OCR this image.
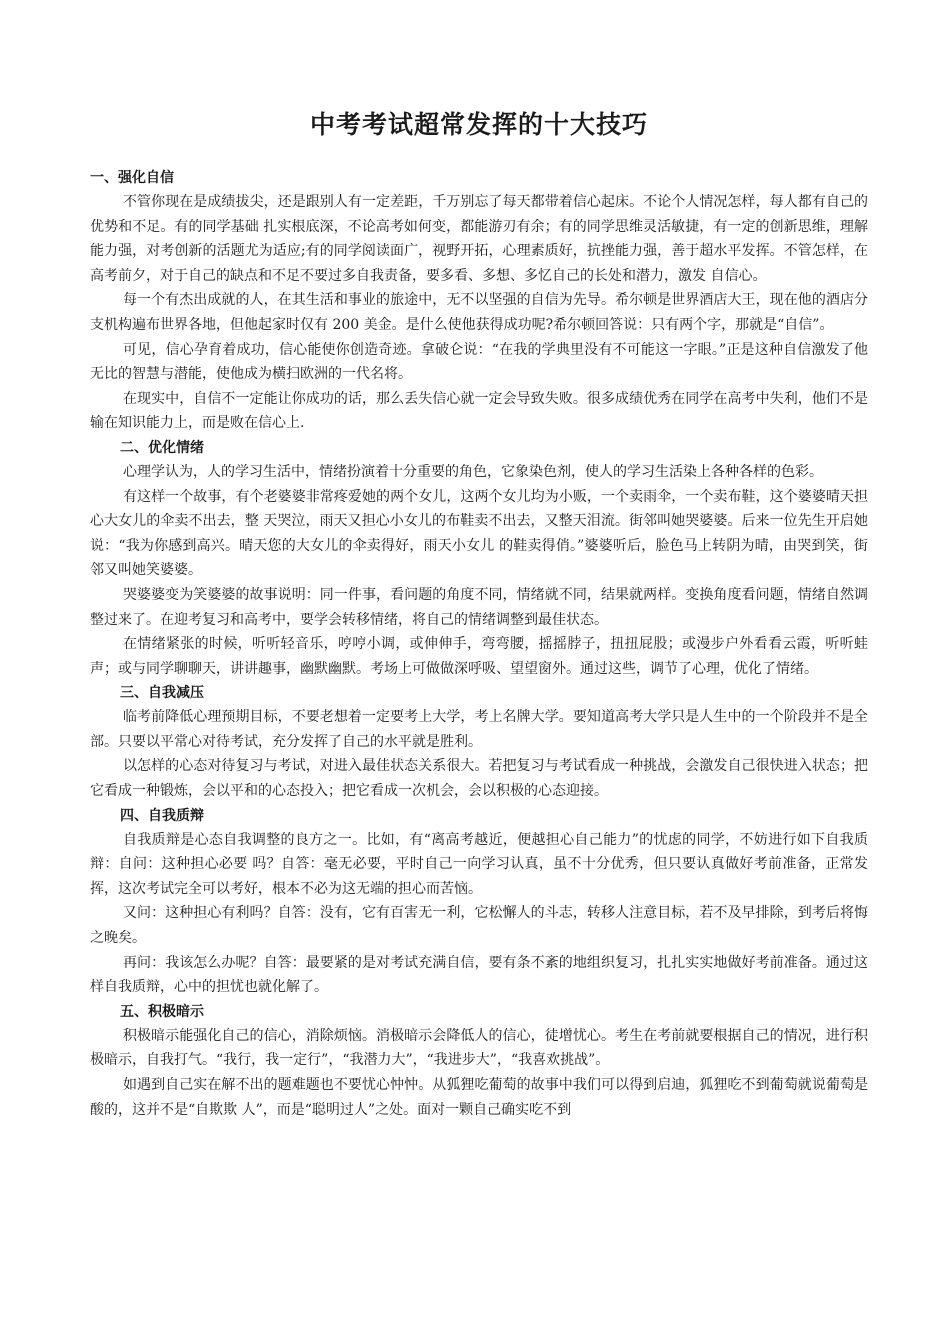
中考考试超常发挥的十大技巧
一、强化自信

不管你现在是成绩拔尖，还是跟别人有一定差距，千万别忘了每天都带着信心起床。不论个人情况怎样，每人都有自己的优势和不足。有的同学基础 扎实根底深，不论高考如何变，都能游刃有余；有的同学思维灵活敏捷，有一定的创新思维，理解能力强，对考创新的活题尤为适应;有的同学阅读面广，视野开拓，心理素质好，抗挫能力强，善于超水平发挥。不管怎样，在高考前夕，对于自己的缺点和不足不要过多自我责备，要多看、多想、多忆自己的长处和潜力，激发 自信心。

每一个有杰出成就的人，在其生活和事业的旅途中，无不以坚强的自信为先导。希尔顿是世界酒店大王，现在他的酒店分支机构遍布世界各地，但他起家时仅有 200 美金。是什么使他获得成功呢?希尔顿回答说：只有两个字，那就是“自信”。

可见，信心孕育着成功，信心能使你创造奇迹。拿破仑说：“在我的学典里没有不可能这一字眼。”正是这种自信激发了他无比的智慧与潜能，使他成为横扫欧洲的一代名将。

在现实中，自信不一定能让你成功的话，那么丢失信心就一定会导致失败。很多成绩优秀在同学在高考中失利，他们不是输在知识能力上，而是败在信心上.

二、优化情绪

心理学认为，人的学习生活中，情绪扮演着十分重要的角色，它象染色剂，使人的学习生活染上各种各样的色彩。

有这样一个故事，有个老婆婆非常疼爱她的两个女儿，这两个女儿均为小贩，一个卖雨伞，一个卖布鞋，这个婆婆晴天担心大女儿的伞卖不出去，整 天哭泣，雨天又担心小女儿的布鞋卖不出去，又整天泪流。街邻叫她哭婆婆。后来一位先生开启她说：“我为你感到高兴。晴天您的大女儿的伞卖得好，雨天小女儿 的鞋卖得俏。”婆婆听后，脸色马上转阴为晴，由哭到笑，街邻又叫她笑婆婆。

哭婆婆变为笑婆婆的故事说明：同一件事，看问题的角度不同，情绪就不同，结果就两样。变换角度看问题，情绪自然调整过来了。在迎考复习和高考中，要学会转移情绪，将自己的情绪调整到最佳状态。

在情绪紧张的时候，听听轻音乐，哼哼小调，或伸伸手，弯弯腰，摇摇脖子，扭扭屁股；或漫步户外看看云霞，听听蛙声；或与同学聊聊天，讲讲趣事，幽默幽默。考场上可做做深呼吸、望望窗外。通过这些，调节了心理，优化了情绪。

三、自我减压

临考前降低心理预期目标，不要老想着一定要考上大学，考上名牌大学。要知道高考大学只是人生中的一个阶段并不是全部。只要以平常心对待考试，充分发挥了自己的水平就是胜利。

以怎样的心态对待复习与考试，对进入最佳状态关系很大。若把复习与考试看成一种挑战，会激发自己很快进入状态；把它看成一种锻炼，会以平和的心态投入；把它看成一次机会，会以积极的心态迎接。

四、自我质辩

自我质辩是心态自我调整的良方之一。比如，有“离高考越近，便越担心自己能力”的忧虑的同学，不妨进行如下自我质辩：自问：这种担心必要 吗？自答：毫无必要，平时自己一向学习认真，虽不十分优秀，但只要认真做好考前准备，正常发挥，这次考试完全可以考好，根本不必为这无端的担心而苦恼。

又问：这种担心有利吗？自答：没有，它有百害无一利，它松懈人的斗志，转移人注意目标，若不及早排除，到考后将悔之晚矣。

再问：我该怎么办呢？自答：最要紧的是对考试充满自信，要有条不紊的地组织复习，扎扎实实地做好考前准备。通过这样自我质辩，心中的担忧也就化解了。

五、积极暗示

积极暗示能强化自己的信心，消除烦恼。消极暗示会降低人的信心，徒增忧心。考生在考前就要根据自己的情况，进行积极暗示，自我打气。“我行，我一定行”，“我潜力大”，“我进步大”，“我喜欢挑战”。

如遇到自己实在解不出的题难题也不要忧心忡忡。从狐狸吃葡萄的故事中我们可以得到启迪，狐狸吃不到葡萄就说葡萄是酸的，这并不是“自欺欺 人”，而是“聪明过人”之处。面对一颗自己确实吃不到
